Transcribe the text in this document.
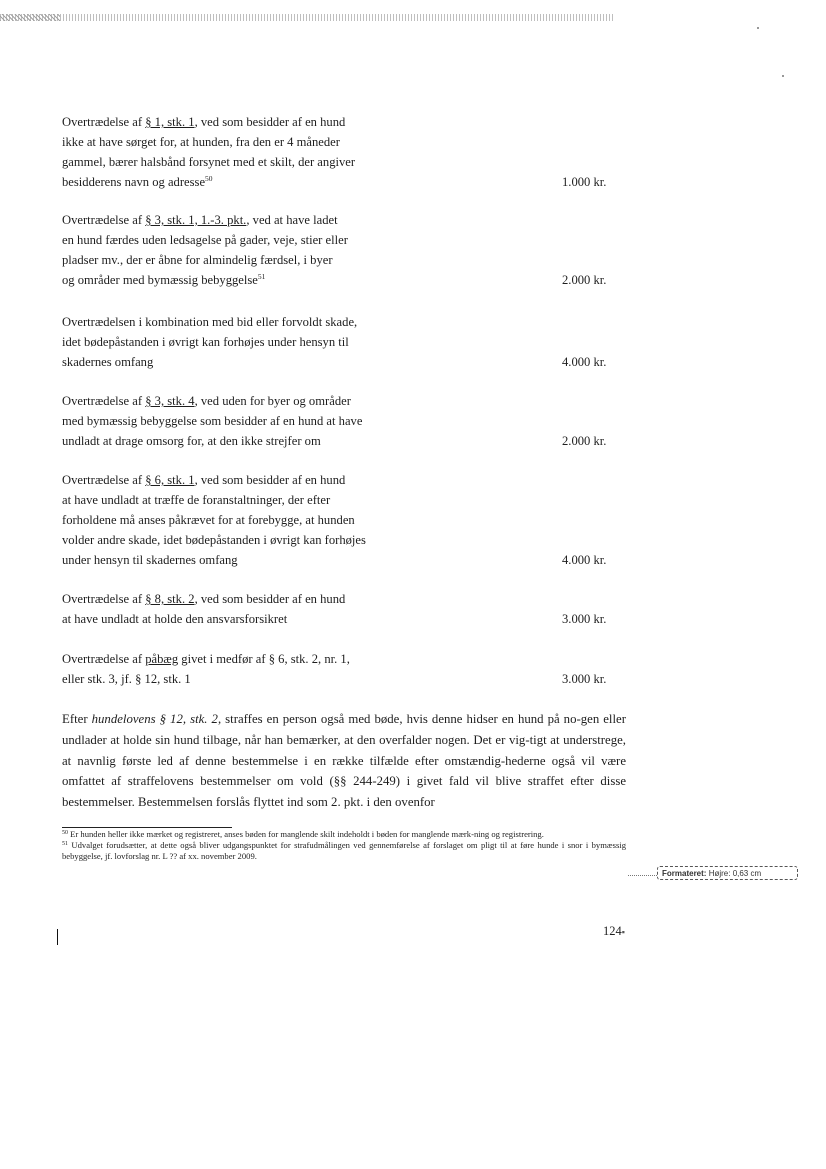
Overtrædelse af § 1, stk. 1, ved som besidder af en hund
ikke at have sørget for, at hunden, fra den er 4 måneder
gammel, bærer halsbånd forsynet med et skilt, der angiver
besidderens navn og adresse$^{50}$	1.000 kr.
Overtrædelse af § 3, stk. 1, 1.-3. pkt., ved at have ladet
en hund færdes uden ledsagelse på gader, veje, stier eller
pladser mv., der er åbne for almindelig færdsel, i byer
og områder med bymæssig bebyggelse$^{51}$	2.000 kr.
Overtrædelsen i kombination med bid eller forvoldt skade,
idet bødepåstanden i øvrigt kan forhøjes under hensyn til
skadernes omfang	4.000 kr.
Overtrædelse af § 3, stk. 4, ved uden for byer og områder
med bymæssig bebyggelse som besidder af en hund at have
undladt at drage omsorg for, at den ikke strejfer om	2.000 kr.
Overtrædelse af § 6, stk. 1, ved som besidder af en hund
at have undladt at træffe de foranstaltninger, der efter
forholdene må anses påkrævet for at forebygge, at hunden
volder andre skade, idet bødepåstanden i øvrigt kan forhøjes
under hensyn til skadernes omfang	4.000 kr.
Overtrædelse af § 8, stk. 2, ved som besidder af en hund
at have undladt at holde den ansvarsforsikret	3.000 kr.
Overtrædelse af påbæg givet i medfør af § 6, stk. 2, nr. 1,
eller stk. 3, jf. § 12, stk. 1	3.000 kr.
Efter hundelovens § 12, stk. 2, straffes en person også med bøde, hvis denne hidser en hund på no-gen eller undlader at holde sin hund tilbage, når han bemærker, at den overfalder nogen. Det er vig-tigt at understrege, at navnlig første led af denne bestemmelse i en række tilfælde efter omstændig-hederne også vil være omfattet af straffelovens bestemmelser om vold (§§ 244-249) i givet fald vil blive straffet efter disse bestemmelser. Bestemmelsen forslås flyttet ind som 2. pkt. i den ovenfor
$^{50}$ Er hunden heller ikke mærket og registreret, anses bøden for manglende skilt indeholdt i bøden for manglende mærk-ning og registrering.
$^{51}$ Udvalget forudsætter, at dette også bliver udgangspunktet for strafudmålingen ved gennemførelse af forslaget om pligt til at føre hunde i snor i bymæssig bebyggelse, jf. lovforslag nr. L ?? af xx. november 2009.
Formateret: Højre: 0,63 cm
124▪
